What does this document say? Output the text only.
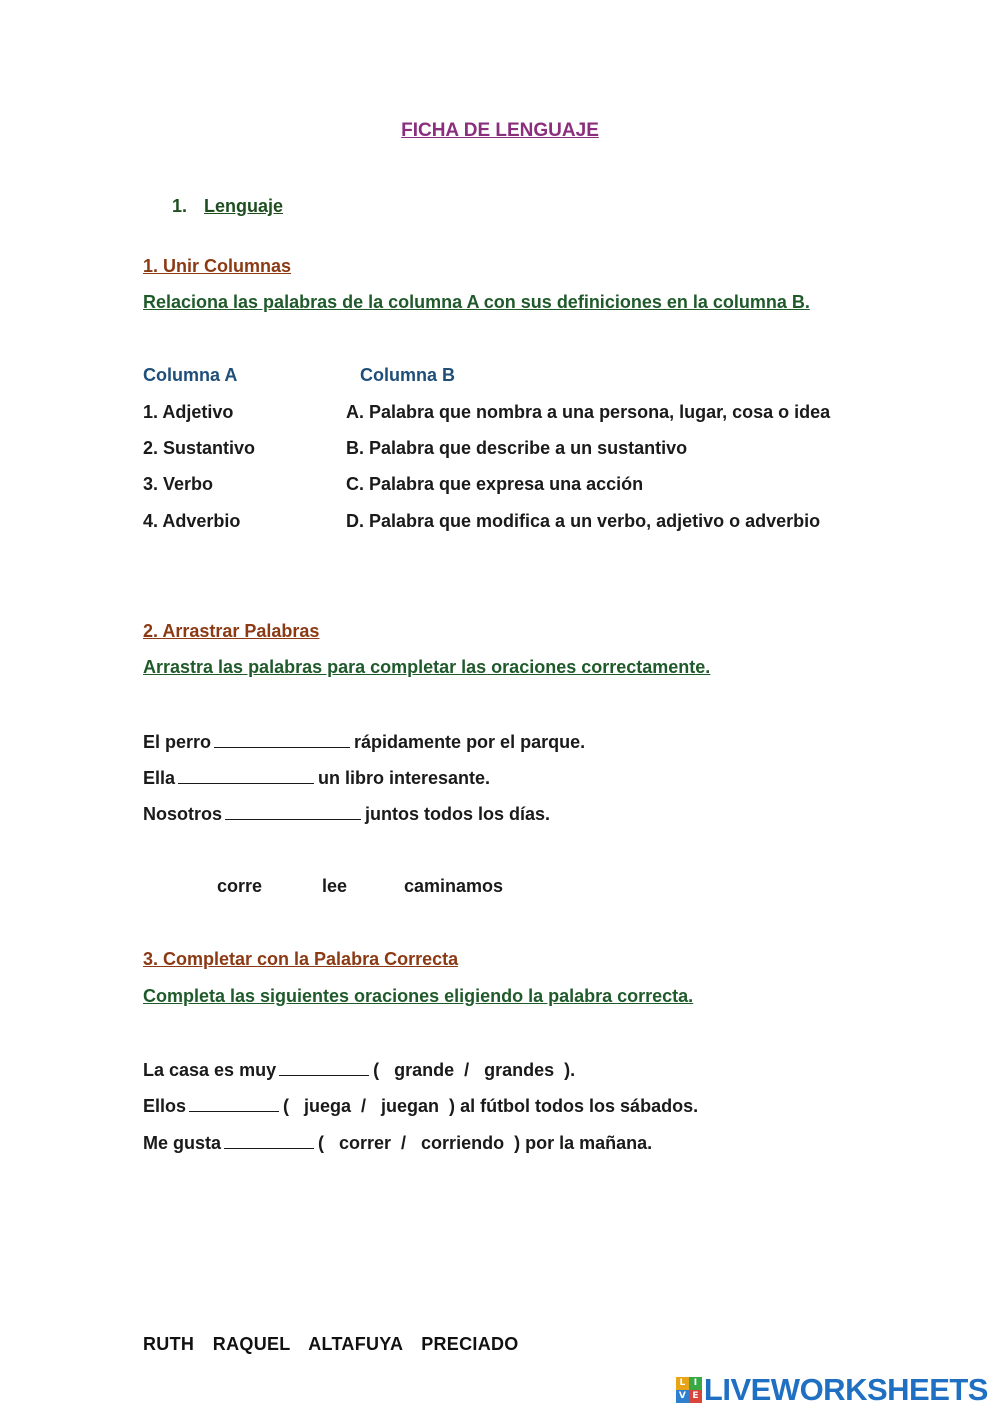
FICHA DE LENGUAJE
1. Lenguaje
1. Unir Columnas
Relaciona las palabras de la columna A con sus definiciones en la columna B.
Columna A	Columna B
1. Adjetivo	A. Palabra que nombra a una persona, lugar, cosa o idea
2. Sustantivo	B. Palabra que describe a un sustantivo
3. Verbo	C. Palabra que expresa una acción
4. Adverbio	D. Palabra que modifica a un verbo, adjetivo o adverbio
2. Arrastrar Palabras
Arrastra las palabras para completar las oraciones correctamente.
El perro	rápidamente por el parque.
Ella	un libro interesante.
Nosotros	juntos todos los días.
corre	lee	caminamos
3. Completar con la Palabra Correcta
Completa las siguientes oraciones eligiendo la palabra correcta.
La casa es muy	(   grande  /   grandes  ).
Ellos	(   juega  /   juegan  ) al fútbol todos los sábados.
Me gusta	(   correr  /   corriendo  ) por la mañana.
RUTH  RAQUEL  ALTAFUYA  PRECIADO
L I
V E LIVEWORKSHEETS
